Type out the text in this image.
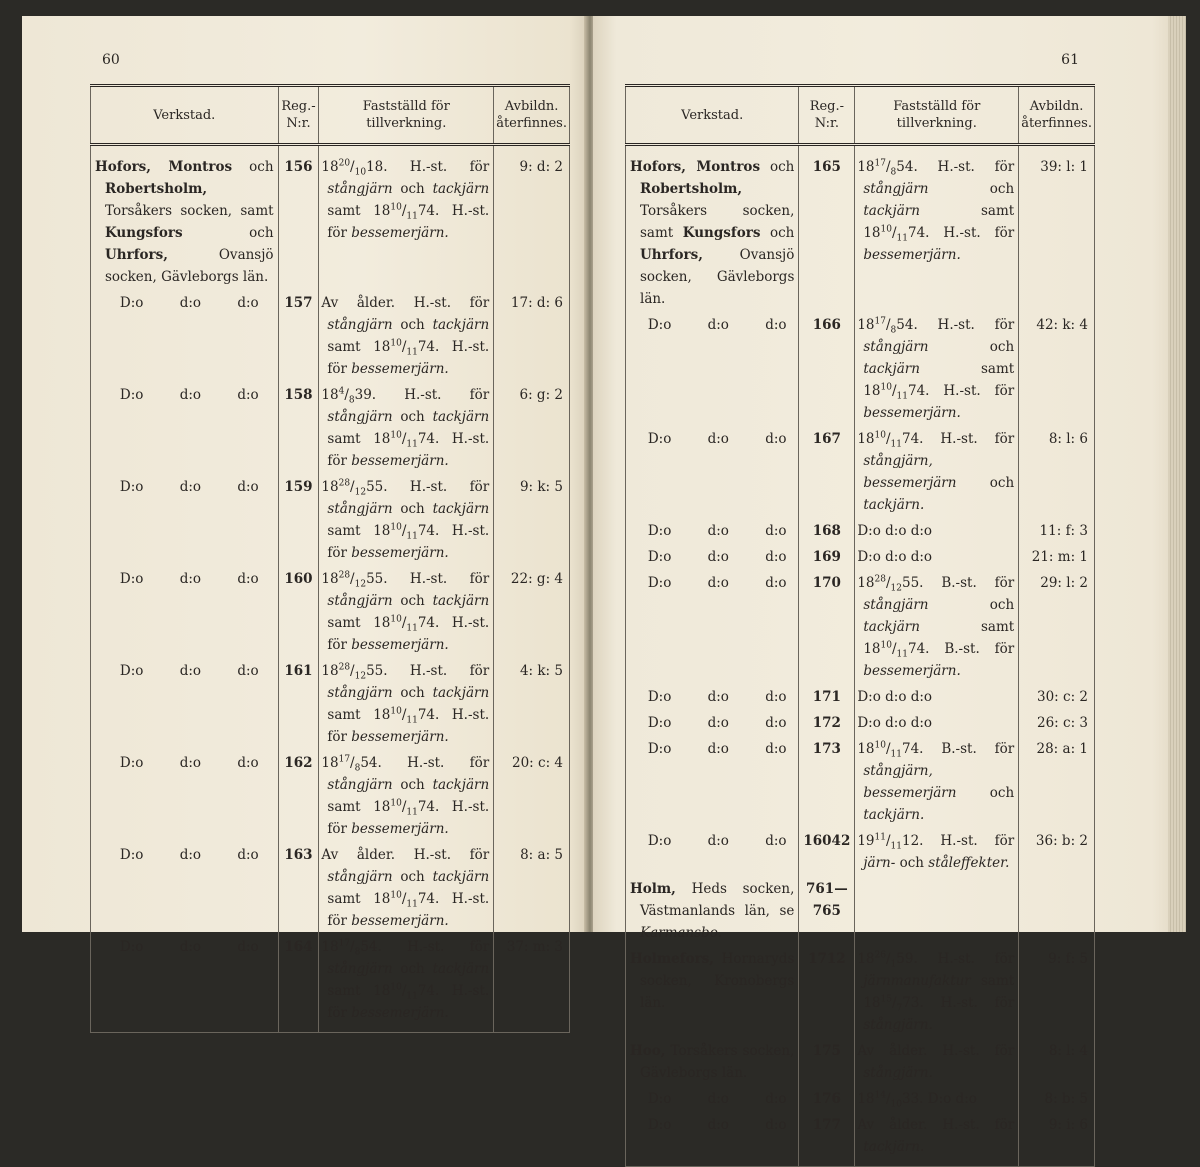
60
Verkstad.	Reg.-N:r.	Fastställd för tillverkning.	Avbildn. återfinnes.
Hofors, Montros och Robertsholm, Torsåkers socken, samt Kungsfors och Uhrfors, Ovansjö socken, Gävleborgs län.	156	$18^{20}/_{10}18$. H.-st. för stångjärn och tackjärn samt $18^{10}/_{11}74$. H.-st. för bessemerjärn.	9: d: 2
D:o d:o d:o	157	Av ålder. H.-st. för stångjärn och tackjärn samt $18^{10}/_{11}74$. H.-st. för bessemerjärn.	17: d: 6
D:o d:o d:o	158	$18^4/_839$. H.-st. för stångjärn och tackjärn samt $18^{10}/_{11}74$. H.-st. för bessemerjärn.	6: g: 2
D:o d:o d:o	159	$18^{28}/_{12}55$. H.-st. för stångjärn och tackjärn samt $18^{10}/_{11}74$. H.-st. för bessemerjärn.	9: k: 5
D:o d:o d:o	160	$18^{28}/_{12}55$. H.-st. för stångjärn och tackjärn samt $18^{10}/_{11}74$. H.-st. för bessemerjärn.	22: g: 4
D:o d:o d:o	161	$18^{28}/_{12}55$. H.-st. för stångjärn och tackjärn samt $18^{10}/_{11}74$. H.-st. för bessemerjärn.	4: k: 5
D:o d:o d:o	162	$18^{17}/_854$. H.-st. för stångjärn och tackjärn samt $18^{10}/_{11}74$. H.-st. för bessemerjärn.	20: c: 4
D:o d:o d:o	163	Av ålder. H.-st. för stångjärn och tackjärn samt $18^{10}/_{11}74$. H.-st. för bessemerjärn.	8: a: 5
D:o d:o d:o	164	$18^{17}/_854$. H.-st. för stångjärn och tackjärn samt $18^{10}/_{11}74$. H.-st. för bessemerjärn.	37: m: 3
61
Verkstad.	Reg.-N:r.	Fastställd för tillverkning.	Avbildn. återfinnes.
Hofors, Montros och Robertsholm, Torsåkers socken, samt Kungsfors och Uhrfors, Ovansjö socken, Gävleborgs län.	165	$18^{17}/_854$. H.-st. för stångjärn och tackjärn samt $18^{10}/_{11}74$. H.-st. för bessemerjärn.	39: l: 1
D:o d:o d:o	166	$18^{17}/_854$. H.-st. för stångjärn och tackjärn samt $18^{10}/_{11}74$. H.-st. för bessemerjärn.	42: k: 4
D:o d:o d:o	167	$18^{10}/_{11}74$. H.-st. för stångjärn, bessemerjärn och tackjärn.	8: l: 6
D:o d:o d:o	168	D:o d:o d:o	11: f: 3
D:o d:o d:o	169	D:o d:o d:o	21: m: 1
D:o d:o d:o	170	$18^{28}/_{12}55$. B.-st. för stångjärn och tackjärn samt $18^{10}/_{11}74$. B.-st. för bessemerjärn.	29: l: 2
D:o d:o d:o	171	D:o d:o d:o	30: c: 2
D:o d:o d:o	172	D:o d:o d:o	26: c: 3
D:o d:o d:o	173	$18^{10}/_{11}74$. B.-st. för stångjärn, bessemerjärn och tackjärn.	28: a: 1
D:o d:o d:o	16042	$19^{11}/_{11}12$. H.-st. för järn- och ståleffekter.	36: b: 2
Holm, Heds socken, Västmanlands län, se Karmansbo.	761—765		
Holmefors, Hornaryds socken, Kronobergs län.	1712	$18^{26}/_159$. H.-st. för järnmanufaktur samt $18^{15}/_773$. H.-st. för stångjärn.	9: f: 5
Hoo, Torsåkers socken, Gävleborgs län.	175	Av ålder. H.-st. för stångjärn.	8: l: 4
D:o d:o d:o	176	$18^{14}/_{10}33$. D:o d:o	8: b: 5
D:o d:o d:o	177	Av ålder. H.-st. för tackjärn.	9: i: 6
